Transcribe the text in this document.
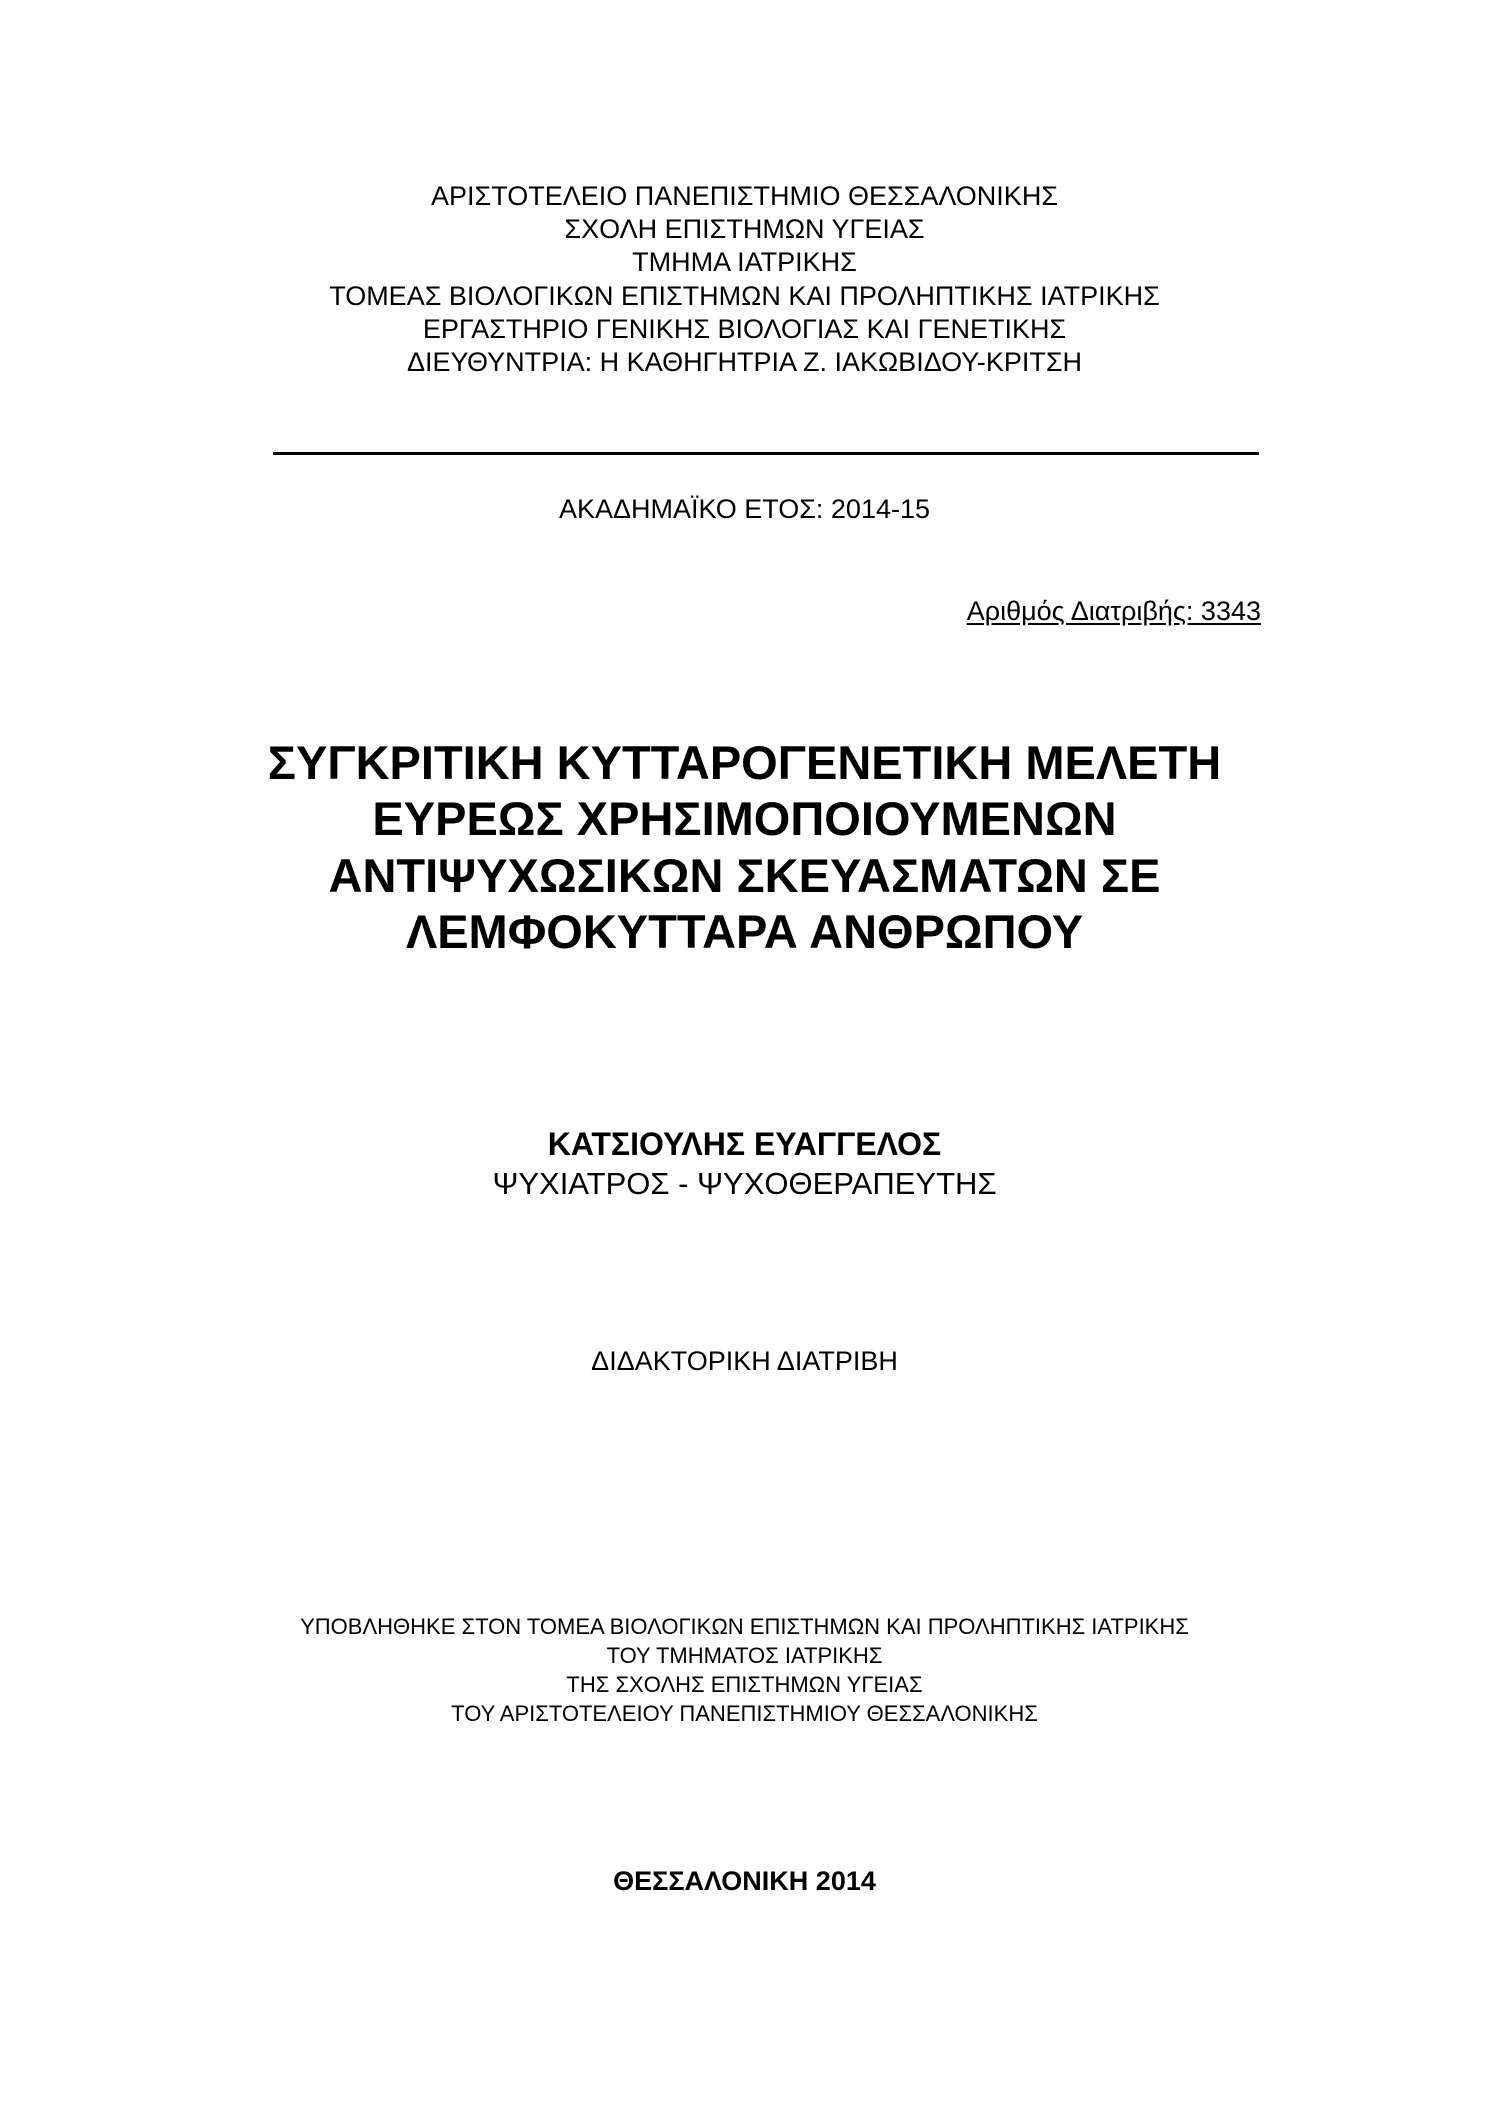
ΑΡΙΣΤΟΤΕΛΕΙΟ ΠΑΝΕΠΙΣΤΗΜΙΟ ΘΕΣΣΑΛΟΝΙΚΗΣ
ΣΧΟΛΗ ΕΠΙΣΤΗΜΩΝ ΥΓΕΙΑΣ
ΤΜΗΜΑ ΙΑΤΡΙΚΗΣ
ΤΟΜΕΑΣ ΒΙΟΛΟΓΙΚΩΝ ΕΠΙΣΤΗΜΩΝ ΚΑΙ ΠΡΟΛΗΠΤΙΚΗΣ ΙΑΤΡΙΚΗΣ
ΕΡΓΑΣΤΗΡΙΟ ΓΕΝΙΚΗΣ ΒΙΟΛΟΓΙΑΣ ΚΑΙ ΓΕΝΕΤΙΚΗΣ
ΔΙΕΥΘΥΝΤΡΙΑ: Η ΚΑΘΗΓΗΤΡΙΑ Ζ. ΙΑΚΩΒΙΔΟΥ-ΚΡΙΤΣΗ
ΑΚΑΔΗΜΑΪΚΟ ΕΤΟΣ: 2014-15
Αριθμός Διατριβής: 3343
ΣΥΓΚΡΙΤΙΚΗ ΚΥΤΤΑΡΟΓΕΝΕΤΙΚΗ ΜΕΛΕΤΗ
ΕΥΡΕΩΣ ΧΡΗΣΙΜΟΠΟΙΟΥΜΕΝΩΝ
ΑΝΤΙΨΥΧΩΣΙΚΩΝ ΣΚΕΥΑΣΜΑΤΩΝ ΣΕ
ΛΕΜΦΟΚΥΤΤΑΡΑ ΑΝΘΡΩΠΟΥ
ΚΑΤΣΙΟΥΛΗΣ ΕΥΑΓΓΕΛΟΣ
ΨΥΧΙΑΤΡΟΣ - ΨΥΧΟΘΕΡΑΠΕΥΤΗΣ
ΔΙΔΑΚΤΟΡΙΚΗ ΔΙΑΤΡΙΒΗ
ΥΠΟΒΛΗΘΗΚΕ ΣΤΟΝ ΤΟΜΕΑ ΒΙΟΛΟΓΙΚΩΝ ΕΠΙΣΤΗΜΩΝ ΚΑΙ ΠΡΟΛΗΠΤΙΚΗΣ ΙΑΤΡΙΚΗΣ
ΤΟΥ ΤΜΗΜΑΤΟΣ ΙΑΤΡΙΚΗΣ
ΤΗΣ ΣΧΟΛΗΣ ΕΠΙΣΤΗΜΩΝ ΥΓΕΙΑΣ
ΤΟΥ ΑΡΙΣΤΟΤΕΛΕΙΟΥ ΠΑΝΕΠΙΣΤΗΜΙΟΥ ΘΕΣΣΑΛΟΝΙΚΗΣ
ΘΕΣΣΑΛΟΝΙΚΗ 2014
